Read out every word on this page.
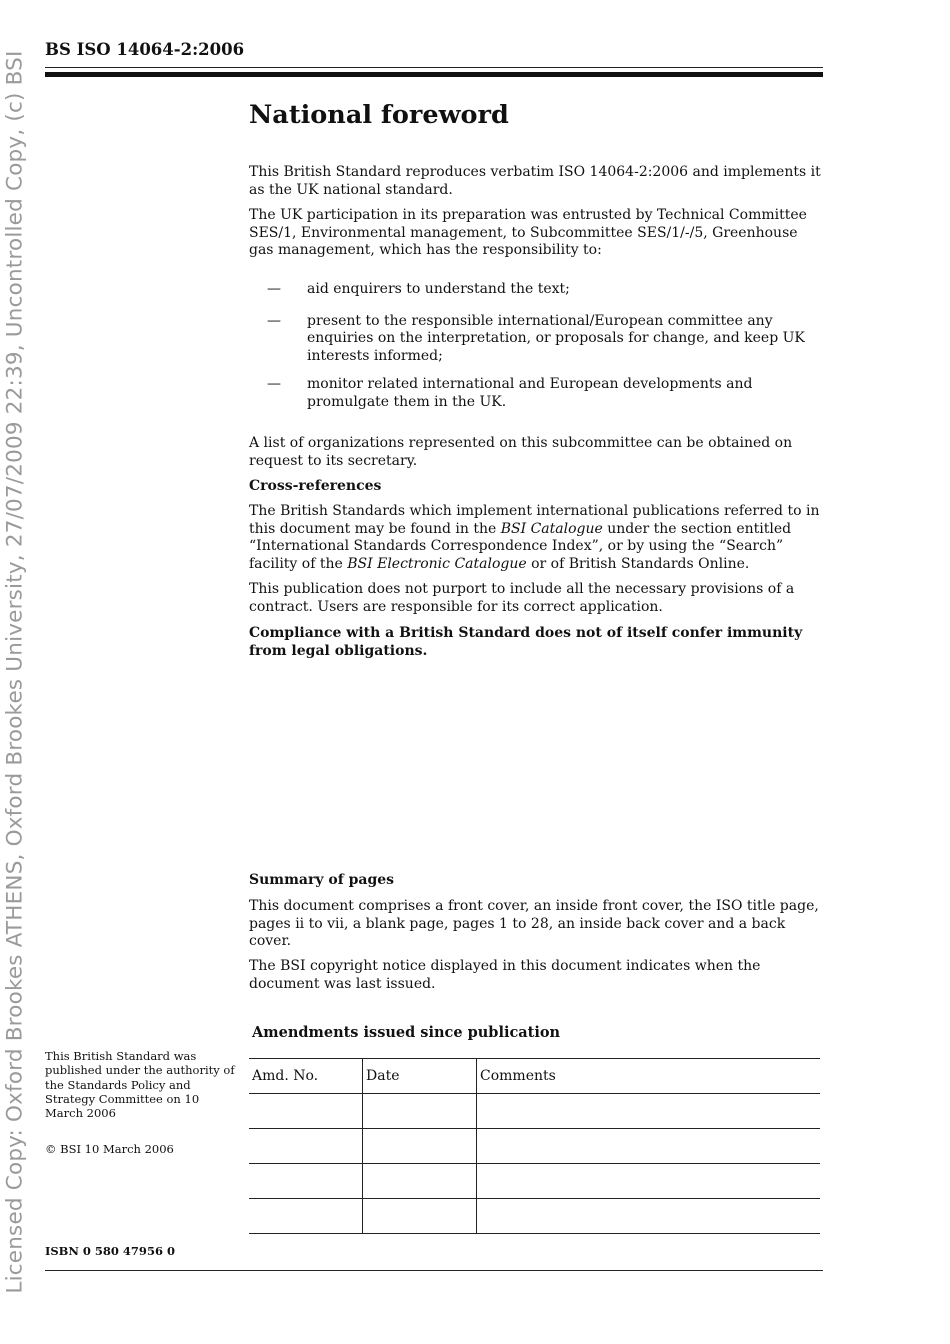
Licensed Copy: Oxford Brookes ATHENS, Oxford Brookes University, 27/07/2009 22:39, Uncontrolled Copy, (c) BSI
BS ISO 14064-2:2006
National foreword

This British Standard reproduces verbatim ISO 14064-2:2006 and implements it as the UK national standard.

The UK participation in its preparation was entrusted by Technical Committee SES/1, Environmental management, to Subcommittee SES/1/-/5, Greenhouse gas management, which has the responsibility to:

— aid enquirers to understand the text;
— present to the responsible international/European committee any enquiries on the interpretation, or proposals for change, and keep UK interests informed;
— monitor related international and European developments and promulgate them in the UK.

A list of organizations represented on this subcommittee can be obtained on request to its secretary.

Cross-references

The British Standards which implement international publications referred to in this document may be found in the BSI Catalogue under the section entitled “International Standards Correspondence Index”, or by using the “Search” facility of the BSI Electronic Catalogue or of British Standards Online.

This publication does not purport to include all the necessary provisions of a contract. Users are responsible for its correct application.

Compliance with a British Standard does not of itself confer immunity from legal obligations.

Summary of pages

This document comprises a front cover, an inside front cover, the ISO title page, pages ii to vii, a blank page, pages 1 to 28, an inside back cover and a back cover.

The BSI copyright notice displayed in this document indicates when the document was last issued.

This British Standard was published under the authority of the Standards Policy and Strategy Committee on 10 March 2006

© BSI 10 March 2006

Amendments issued since publication
Amd. No.	Date	Comments

ISBN 0 580 47956 0
